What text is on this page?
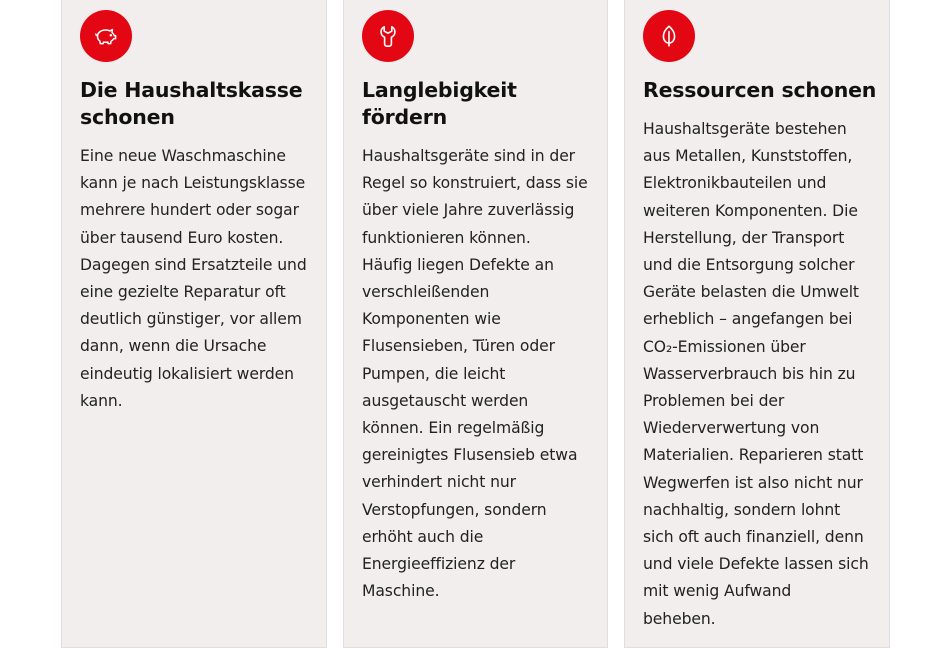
Die Haushaltskasse
schonen

Eine neue Waschmaschine
kann je nach Leistungsklasse
mehrere hundert oder sogar
über tausend Euro kosten.
Dagegen sind Ersatzteile und
eine gezielte Reparatur oft
deutlich günstiger, vor allem
dann, wenn die Ursache
eindeutig lokalisiert werden
kann.

Langlebigkeit
fördern

Haushaltsgeräte sind in der
Regel so konstruiert, dass sie
über viele Jahre zuverlässig
funktionieren können.
Häufig liegen Defekte an
verschleißenden
Komponenten wie
Flusensieben, Türen oder
Pumpen, die leicht
ausgetauscht werden
können. Ein regelmäßig
gereinigtes Flusensieb etwa
verhindert nicht nur
Verstopfungen, sondern
erhöht auch die
Energieeffizienz der
Maschine.

Ressourcen schonen

Haushaltsgeräte bestehen
aus Metallen, Kunststoffen,
Elektronikbauteilen und
weiteren Komponenten. Die
Herstellung, der Transport
und die Entsorgung solcher
Geräte belasten die Umwelt
erheblich – angefangen bei
CO₂-Emissionen über
Wasserverbrauch bis hin zu
Problemen bei der
Wiederverwertung von
Materialien. Reparieren statt
Wegwerfen ist also nicht nur
nachhaltig, sondern lohnt
sich oft auch finanziell, denn
und viele Defekte lassen sich
mit wenig Aufwand
beheben.
